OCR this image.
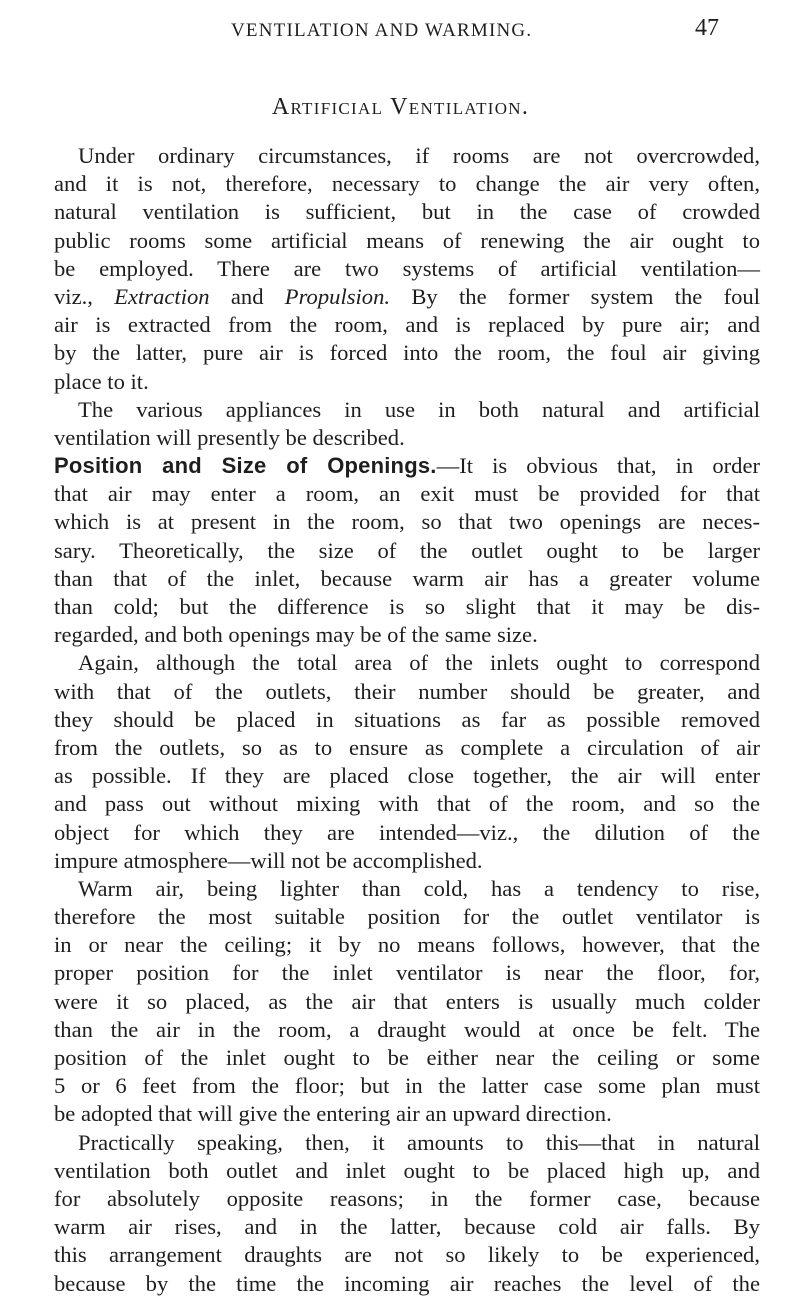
VENTILATION AND WARMING.	47
Artificial Ventilation.
Under ordinary circumstances, if rooms are not overcrowded,
and it is not, therefore, necessary to change the air very often,
natural ventilation is sufficient, but in the case of crowded
public rooms some artificial means of renewing the air ought to
be employed. There are two systems of artificial ventilation—
viz., Extraction and Propulsion. By the former system the foul
air is extracted from the room, and is replaced by pure air; and
by the latter, pure air is forced into the room, the foul air giving
place to it.
The various appliances in use in both natural and artificial
ventilation will presently be described.
Position and Size of Openings.—It is obvious that, in order
that air may enter a room, an exit must be provided for that
which is at present in the room, so that two openings are neces-
sary. Theoretically, the size of the outlet ought to be larger
than that of the inlet, because warm air has a greater volume
than cold; but the difference is so slight that it may be dis-
regarded, and both openings may be of the same size.
Again, although the total area of the inlets ought to correspond
with that of the outlets, their number should be greater, and
they should be placed in situations as far as possible removed
from the outlets, so as to ensure as complete a circulation of air
as possible. If they are placed close together, the air will enter
and pass out without mixing with that of the room, and so the
object for which they are intended—viz., the dilution of the
impure atmosphere—will not be accomplished.
Warm air, being lighter than cold, has a tendency to rise,
therefore the most suitable position for the outlet ventilator is
in or near the ceiling; it by no means follows, however, that the
proper position for the inlet ventilator is near the floor, for,
were it so placed, as the air that enters is usually much colder
than the air in the room, a draught would at once be felt. The
position of the inlet ought to be either near the ceiling or some
5 or 6 feet from the floor; but in the latter case some plan must
be adopted that will give the entering air an upward direction.
Practically speaking, then, it amounts to this—that in natural
ventilation both outlet and inlet ought to be placed high up, and
for absolutely opposite reasons; in the former case, because
warm air rises, and in the latter, because cold air falls. By
this arrangement draughts are not so likely to be experienced,
because by the time the incoming air reaches the level of the
